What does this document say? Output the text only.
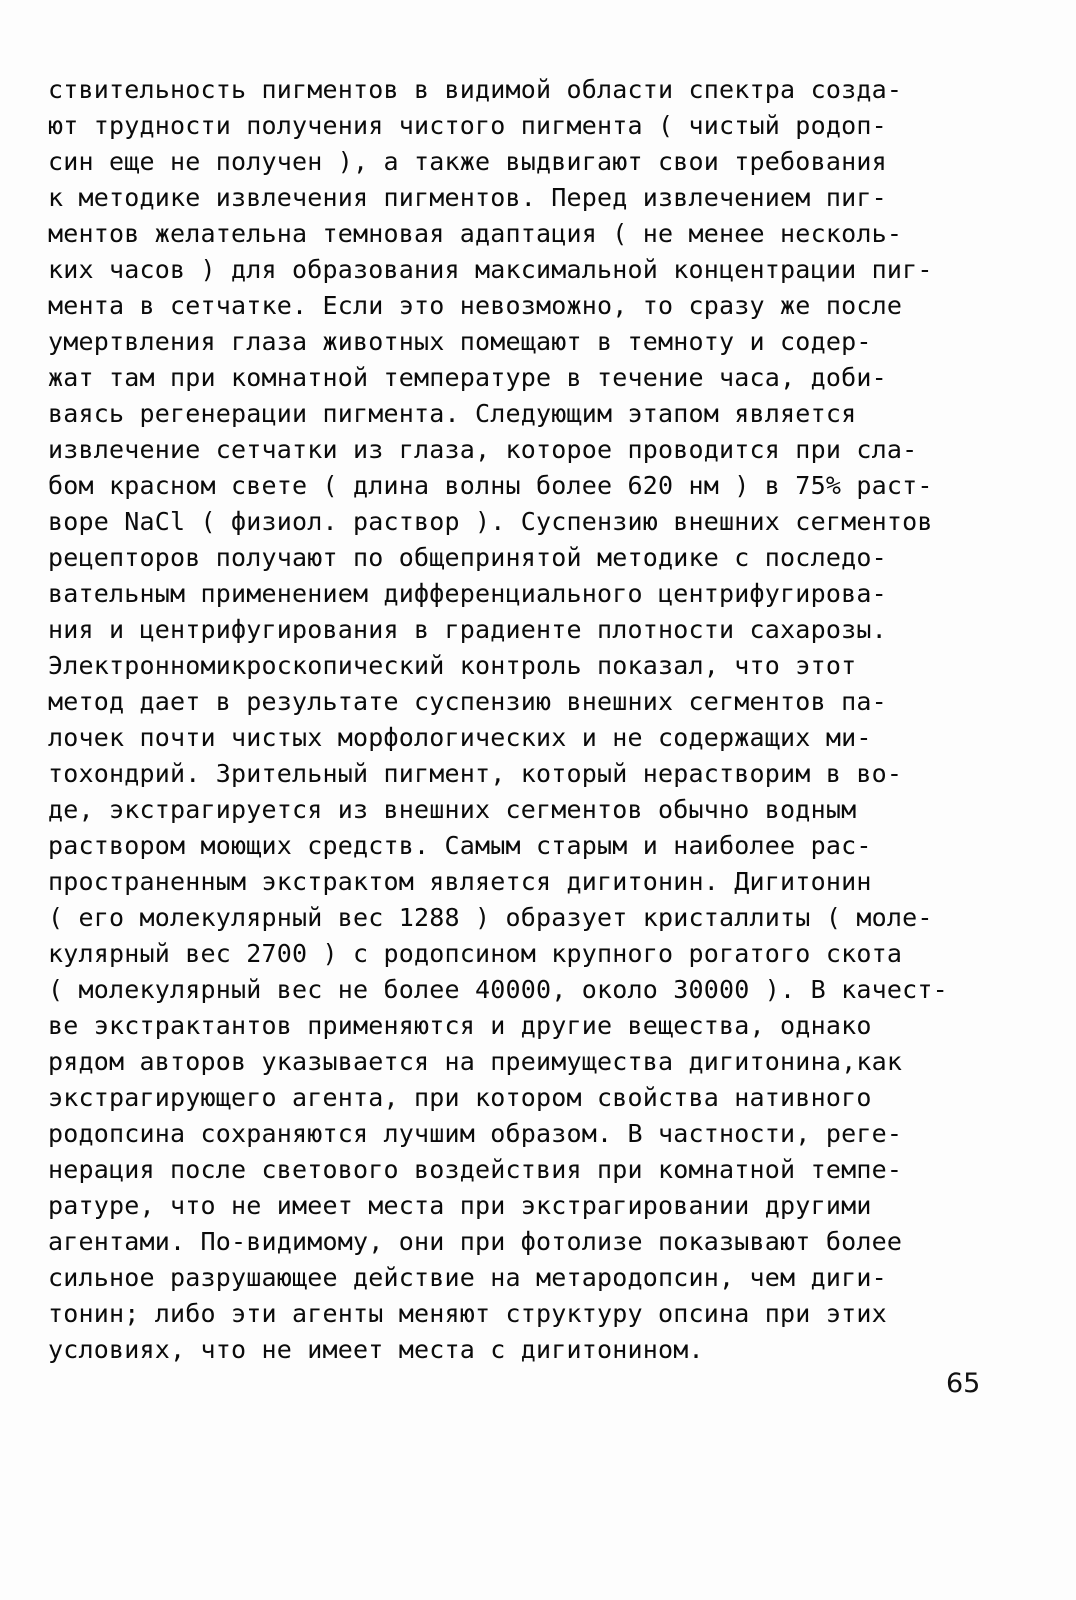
ствительность пигментов в видимой области спектра созда-
ют трудности получения чистого пигмента ( чистый родоп-
син еще не получен ), а также выдвигают свои требования
к методике извлечения пигментов. Перед извлечением пиг-
ментов желательна темновая адаптация ( не менее несколь-
ких часов ) для образования максимальной концентрации пиг-
мента в сетчатке. Если это невозможно, то сразу же после
умертвления глаза животных помещают в темноту и содер-
жат там при комнатной температуре в течение часа, доби-
ваясь регенерации пигмента. Следующим этапом является
извлечение сетчатки из глаза, которое проводится при сла-
бом красном свете ( длина волны более 620 нм ) в 75% раст-
воре NaCl ( физиол. раствор ). Суспензию внешних сегментов
рецепторов получают по общепринятой методике с последо-
вательным применением дифференциального центрифугирова-
ния и центрифугирования в градиенте плотности сахарозы.
Электронномикроскопический контроль показал, что этот
метод дает в результате суспензию внешних сегментов па-
лочек почти чистых морфологических и не содержащих ми-
тохондрий. Зрительный пигмент, который нерастворим в во-
де, экстрагируется из внешних сегментов обычно водным
раствором моющих средств. Самым старым и наиболее рас-
пространенным экстрактом является дигитонин. Дигитонин
( его молекулярный вес 1288 ) образует кристаллиты ( моле-
кулярный вес 2700 ) с родопсином крупного рогатого скота
( молекулярный вес не более 40000, около 30000 ). В качест-
ве экстрактантов применяются и другие вещества, однако
рядом авторов указывается на преимущества дигитонина,как
экстрагирующего агента, при котором свойства нативного
родопсина сохраняются лучшим образом. В частности, реге-
нерация после светового воздействия при комнатной темпе-
ратуре, что не имеет места при экстрагировании другими
агентами. По-видимому, они при фотолизе показывают более
сильное разрушающее действие на метародопсин, чем диги-
тонин; либо эти агенты меняют структуру опсина при этих
условиях, что не имеет места с дигитонином.
65
